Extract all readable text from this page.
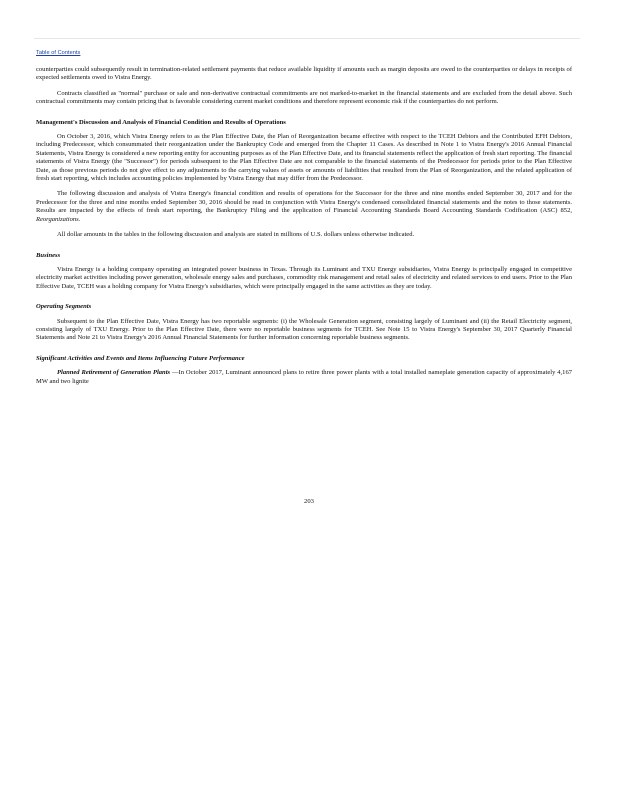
Table of Contents

counterparties could subsequently result in termination-related settlement payments that reduce available liquidity if amounts such as margin deposits are owed to the counterparties or delays in receipts of expected settlements owed to Vistra Energy.

Contracts classified as "normal" purchase or sale and non-derivative contractual commitments are not marked-to-market in the financial statements and are excluded from the detail above. Such contractual commitments may contain pricing that is favorable considering current market conditions and therefore represent economic risk if the counterparties do not perform.

Management's Discussion and Analysis of Financial Condition and Results of Operations

On October 3, 2016, which Vistra Energy refers to as the Plan Effective Date, the Plan of Reorganization became effective with respect to the TCEH Debtors and the Contributed EFH Debtors, including Predecessor, which consummated their reorganization under the Bankruptcy Code and emerged from the Chapter 11 Cases. As described in Note 1 to Vistra Energy's 2016 Annual Financial Statements, Vistra Energy is considered a new reporting entity for accounting purposes as of the Plan Effective Date, and its financial statements reflect the application of fresh start reporting. The financial statements of Vistra Energy (the "Successor") for periods subsequent to the Plan Effective Date are not comparable to the financial statements of the Predecessor for periods prior to the Plan Effective Date, as those previous periods do not give effect to any adjustments to the carrying values of assets or amounts of liabilities that resulted from the Plan of Reorganization, and the related application of fresh start reporting, which includes accounting policies implemented by Vistra Energy that may differ from the Predecessor.

The following discussion and analysis of Vistra Energy's financial condition and results of operations for the Successor for the three and nine months ended September 30, 2017 and for the Predecessor for the three and nine months ended September 30, 2016 should be read in conjunction with Vistra Energy's condensed consolidated financial statements and the notes to those statements. Results are impacted by the effects of fresh start reporting, the Bankruptcy Filing and the application of Financial Accounting Standards Board Accounting Standards Codification (ASC) 852, Reorganizations.

All dollar amounts in the tables in the following discussion and analysis are stated in millions of U.S. dollars unless otherwise indicated.

Business

Vistra Energy is a holding company operating an integrated power business in Texas. Through its Luminant and TXU Energy subsidiaries, Vistra Energy is principally engaged in competitive electricity market activities including power generation, wholesale energy sales and purchases, commodity risk management and retail sales of electricity and related services to end users. Prior to the Plan Effective Date, TCEH was a holding company for Vistra Energy's subsidiaries, which were principally engaged in the same activities as they are today.

Operating Segments

Subsequent to the Plan Effective Date, Vistra Energy has two reportable segments: (i) the Wholesale Generation segment, consisting largely of Luminant and (ii) the Retail Electricity segment, consisting largely of TXU Energy. Prior to the Plan Effective Date, there were no reportable business segments for TCEH. See Note 15 to Vistra Energy's September 30, 2017 Quarterly Financial Statements and Note 21 to Vistra Energy's 2016 Annual Financial Statements for further information concerning reportable business segments.

Significant Activities and Events and Items Influencing Future Performance

Planned Retirement of Generation Plants —In October 2017, Luminant announced plans to retire three power plants with a total installed nameplate generation capacity of approximately 4,167 MW and two lignite

203
